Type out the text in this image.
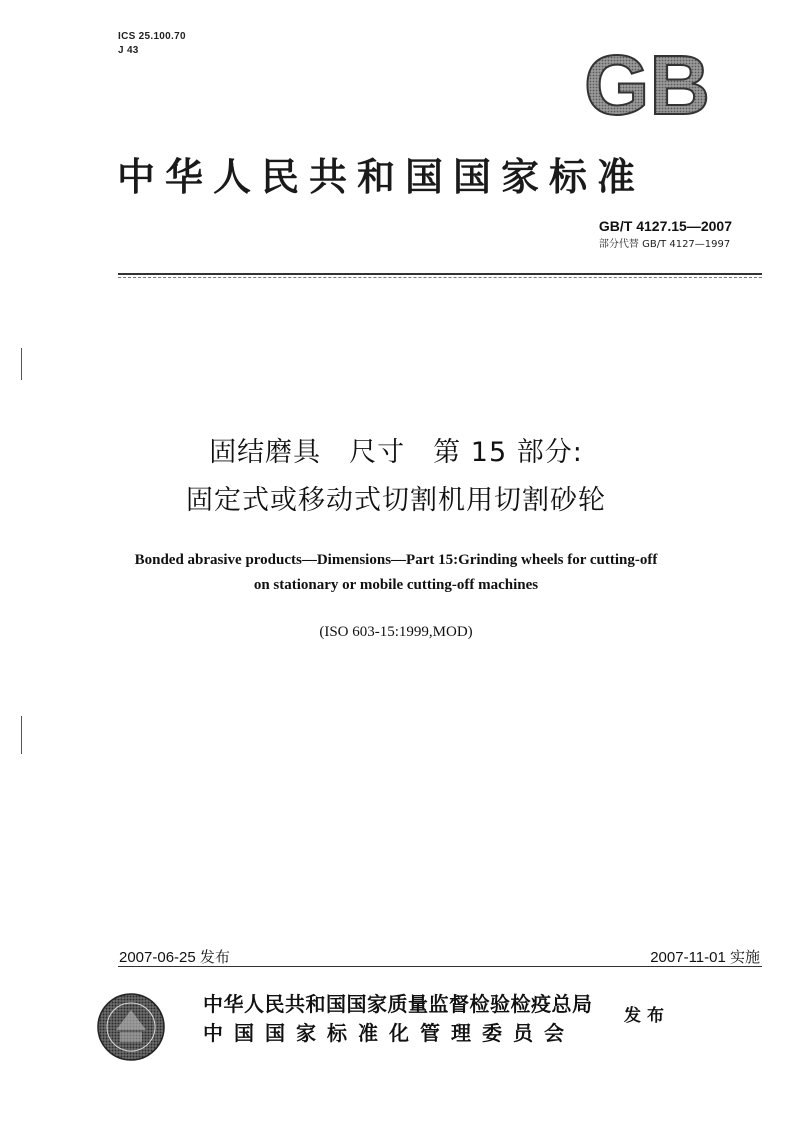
ICS 25.100.70
J 43	GB
中华人民共和国国家标准
GB/T 4127.15—2007
部分代替 GB/T 4127—1997
固结磨具　尺寸　第 15 部分:
固定式或移动式切割机用切割砂轮
Bonded abrasive products—Dimensions—Part 15:Grinding wheels for cutting-off
on stationary or mobile cutting-off machines
(ISO 603-15:1999,MOD)
2007-06-25 发布	2007-11-01 实施
中华人民共和国国家质量监督检验检疫总局
中国国家标准化管理委员会
发布
